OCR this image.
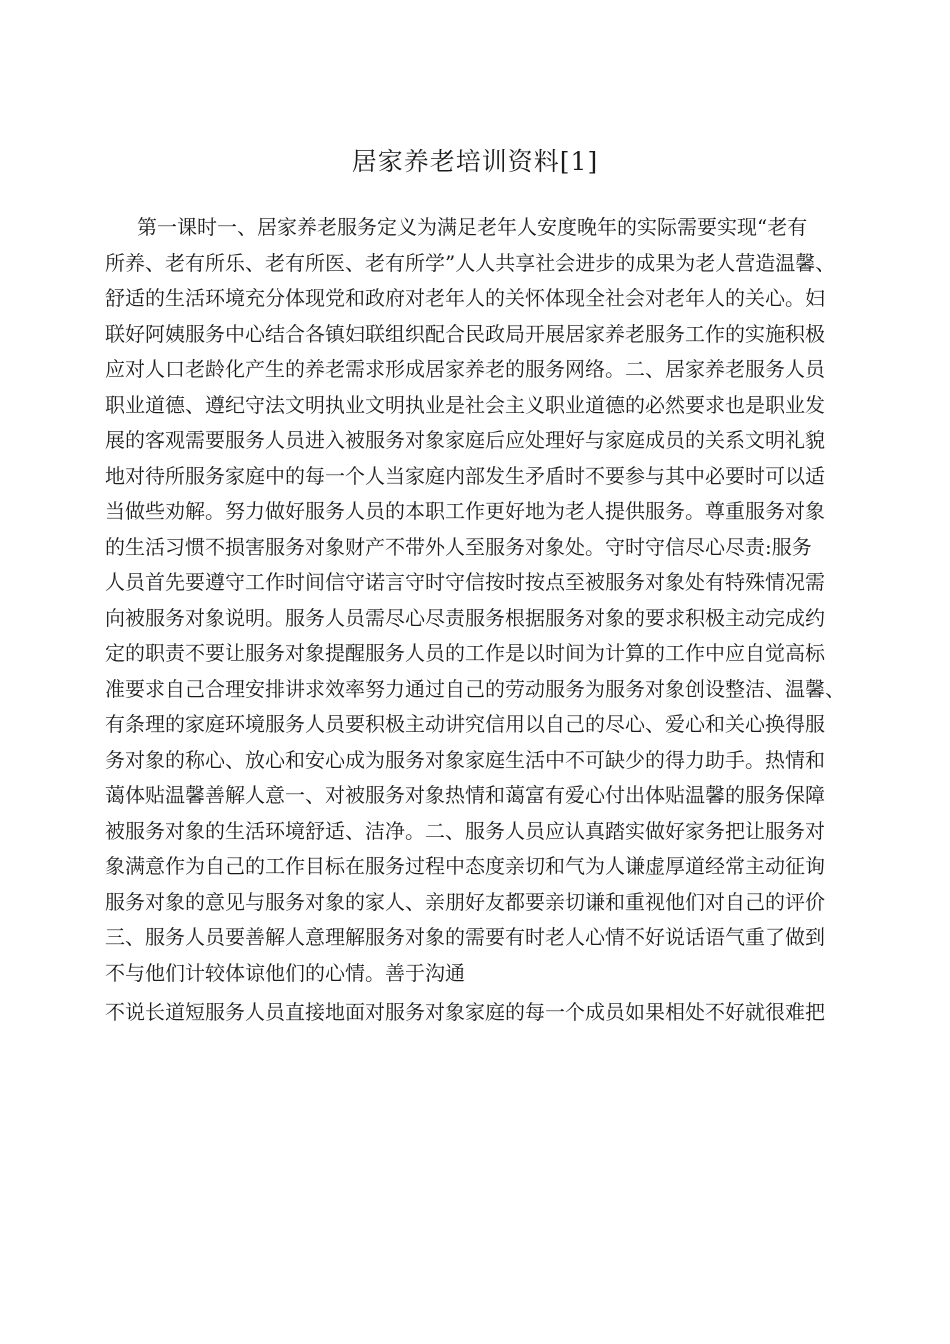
居家养老培训资料[1]
第一课时一、居家养老服务定义为满足老年人安度晚年的实际需要实现“老有
所养、老有所乐、老有所医、老有所学”人人共享社会进步的成果为老人营造温馨、
舒适的生活环境充分体现党和政府对老年人的关怀体现全社会对老年人的关心。妇
联好阿姨服务中心结合各镇妇联组织配合民政局开展居家养老服务工作的实施积极
应对人口老龄化产生的养老需求形成居家养老的服务网络。二、居家养老服务人员
职业道德、遵纪守法文明执业文明执业是社会主义职业道德的必然要求也是职业发
展的客观需要服务人员进入被服务对象家庭后应处理好与家庭成员的关系文明礼貌
地对待所服务家庭中的每一个人当家庭内部发生矛盾时不要参与其中必要时可以适
当做些劝解。努力做好服务人员的本职工作更好地为老人提供服务。尊重服务对象
的生活习惯不损害服务对象财产不带外人至服务对象处。守时守信尽心尽责:服务
人员首先要遵守工作时间信守诺言守时守信按时按点至被服务对象处有特殊情况需
向被服务对象说明。服务人员需尽心尽责服务根据服务对象的要求积极主动完成约
定的职责不要让服务对象提醒服务人员的工作是以时间为计算的工作中应自觉高标
准要求自己合理安排讲求效率努力通过自己的劳动服务为服务对象创设整洁、温馨、
有条理的家庭环境服务人员要积极主动讲究信用以自己的尽心、爱心和关心换得服
务对象的称心、放心和安心成为服务对象家庭生活中不可缺少的得力助手。热情和
蔼体贴温馨善解人意一、对被服务对象热情和蔼富有爱心付出体贴温馨的服务保障
被服务对象的生活环境舒适、洁净。二、服务人员应认真踏实做好家务把让服务对
象满意作为自己的工作目标在服务过程中态度亲切和气为人谦虚厚道经常主动征询
服务对象的意见与服务对象的家人、亲朋好友都要亲切谦和重视他们对自己的评价
三、服务人员要善解人意理解服务对象的需要有时老人心情不好说话语气重了做到
不与他们计较体谅他们的心情。善于沟通
不说长道短服务人员直接地面对服务对象家庭的每一个成员如果相处不好就很难把
